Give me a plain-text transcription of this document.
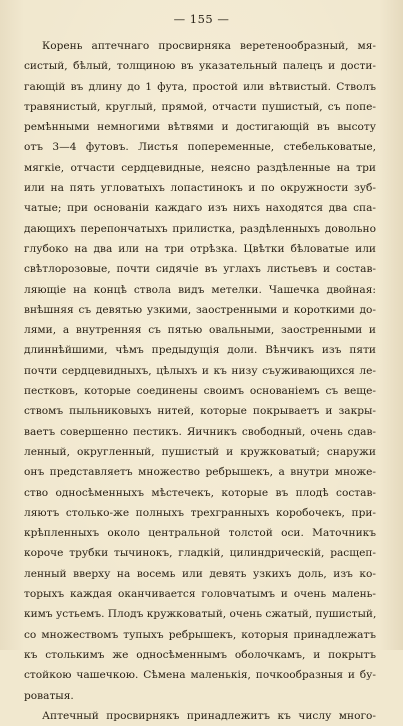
— 155 —
Корень аптечнаго просвирняка веретенообразный, мя-
систый, бѣлый, толщиною въ указательный палецъ и дости-
гающій въ длину до 1 фута, простой или вѣтвистый. Стволъ
травянистый, круглый, прямой, отчасти пушистый, съ попе-
ремѣнными немногими вѣтвями и достигающій въ высоту
отъ 3—4 футовъ. Листья попеременные, стебельковатые,
мягкіе, отчасти сердцевидные, неясно раздѣленные на три
или на пять угловатыхъ лопастинокъ и по окружности зуб-
чатые; при основаніи каждаго изъ нихъ находятся два спа-
дающихъ перепончатыхъ прилистка, раздѣленныхъ довольно
глубоко на два или на три отрѣзка. Цвѣтки бѣловатые или
свѣтлорозовые, почти сидячіе въ углахъ листьевъ и состав-
ляющіе на концѣ ствола видъ метелки. Чашечка двойная:
внѣшняя съ девятью узкими, заостренными и короткими до-
лями, а внутренняя съ пятью овальными, заостренными и
длиннѣйшими, чѣмъ предыдущія доли. Вѣнчикъ изъ пяти
почти сердцевидныхъ, цѣлыхъ и къ низу съуживающихся ле-
пестковъ, которые соединены своимъ основаніемъ съ веще-
ствомъ пыльниковыхъ нитей, которые покрываетъ и закры-
ваетъ совершенно пестикъ. Яичникъ свободный, очень сдав-
ленный, округленный, пушистый и кружковатый; снаружи
онъ представляетъ множество ребрышекъ, а внутри множе-
ство односѣменныхъ мѣстечекъ, которые въ плодѣ состав-
ляютъ столько-же полныхъ трехгранныхъ коробочекъ, при-
крѣпленныхъ около центральной толстой оси. Маточникъ
короче трубки тычинокъ, гладкій, цилиндрическій, расщеп-
ленный вверху на восемь или девять узкихъ доль, изъ ко-
торыхъ каждая оканчивается головчатымъ и очень малень-
кимъ устьемъ. Плодъ кружковатый, очень сжатый, пушистый,
со множествомъ тупыхъ ребрышекъ, которыя принадлежатъ
къ столькимъ же односѣменнымъ оболочкамъ, и покрытъ
стойкою чашечкою. Сѣмена маленькія, почкообразныя и бу-
роватыя.
Аптечный просвирнякъ принадлежитъ къ числу много-
